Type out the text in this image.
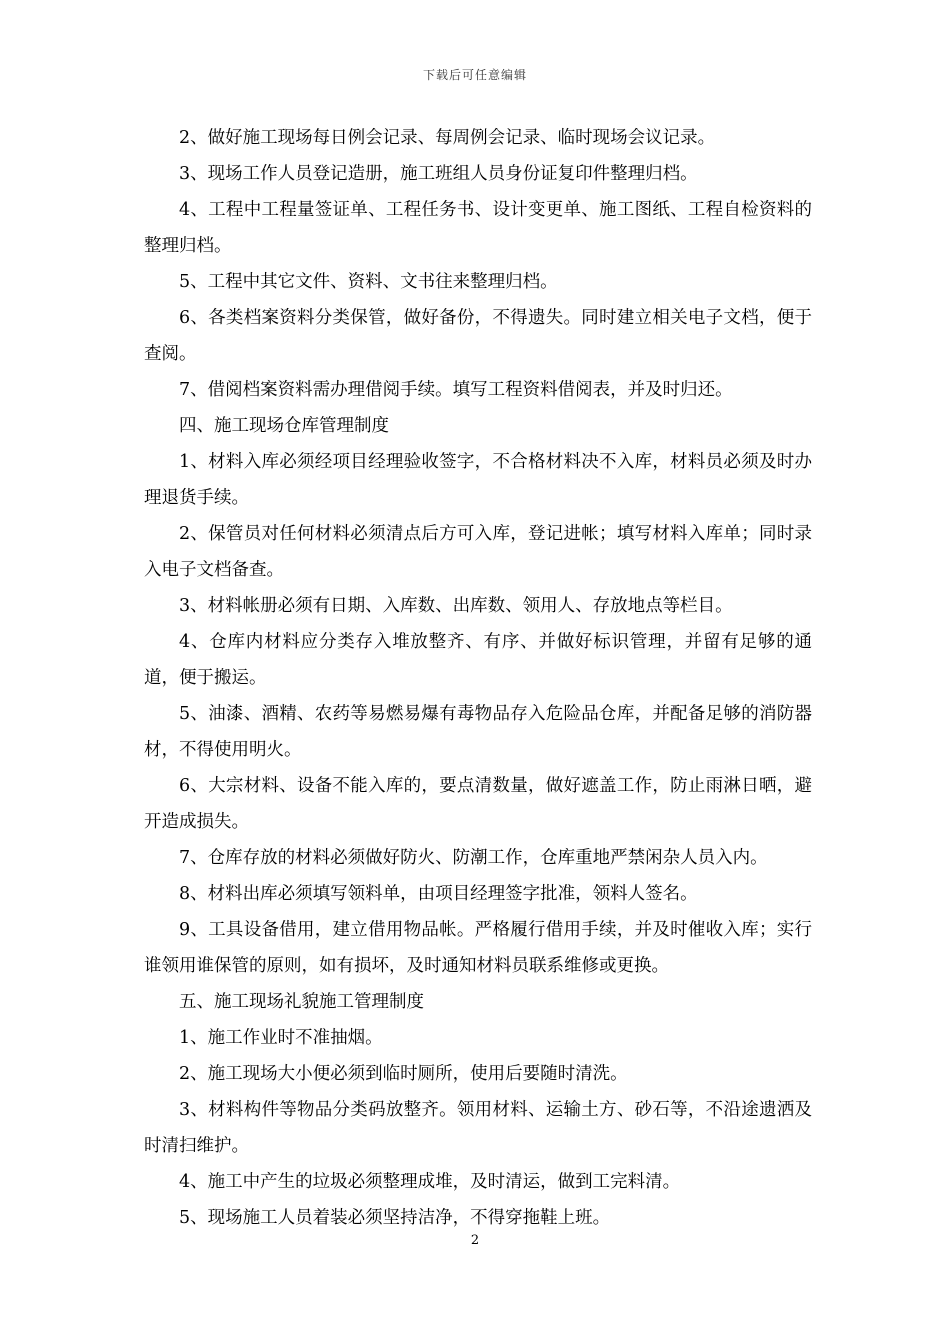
下载后可任意编辑

2、做好施工现场每日例会记录、每周例会记录、临时现场会议记录。

3、现场工作人员登记造册，施工班组人员身份证复印件整理归档。

4、工程中工程量签证单、工程任务书、设计变更单、施工图纸、工程自检资料的整理归档。

5、工程中其它文件、资料、文书往来整理归档。

6、各类档案资料分类保管，做好备份，不得遗失。同时建立相关电子文档，便于查阅。

7、借阅档案资料需办理借阅手续。填写工程资料借阅表，并及时归还。

四、施工现场仓库管理制度

1、材料入库必须经项目经理验收签字，不合格材料决不入库，材料员必须及时办理退货手续。

2、保管员对任何材料必须清点后方可入库，登记进帐；填写材料入库单；同时录入电子文档备查。

3、材料帐册必须有日期、入库数、出库数、领用人、存放地点等栏目。

4、仓库内材料应分类存入堆放整齐、有序、并做好标识管理，并留有足够的通道，便于搬运。

5、油漆、酒精、农药等易燃易爆有毒物品存入危险品仓库，并配备足够的消防器材，不得使用明火。

6、大宗材料、设备不能入库的，要点清数量，做好遮盖工作，防止雨淋日晒，避开造成损失。

7、仓库存放的材料必须做好防火、防潮工作，仓库重地严禁闲杂人员入内。

8、材料出库必须填写领料单，由项目经理签字批准，领料人签名。

9、工具设备借用，建立借用物品帐。严格履行借用手续，并及时催收入库；实行谁领用谁保管的原则，如有损坏，及时通知材料员联系维修或更换。

五、施工现场礼貌施工管理制度

1、施工作业时不准抽烟。

2、施工现场大小便必须到临时厕所，使用后要随时清洗。

3、材料构件等物品分类码放整齐。领用材料、运输土方、砂石等，不沿途遗洒及时清扫维护。

4、施工中产生的垃圾必须整理成堆，及时清运，做到工完料清。

5、现场施工人员着装必须坚持洁净，不得穿拖鞋上班。

2
